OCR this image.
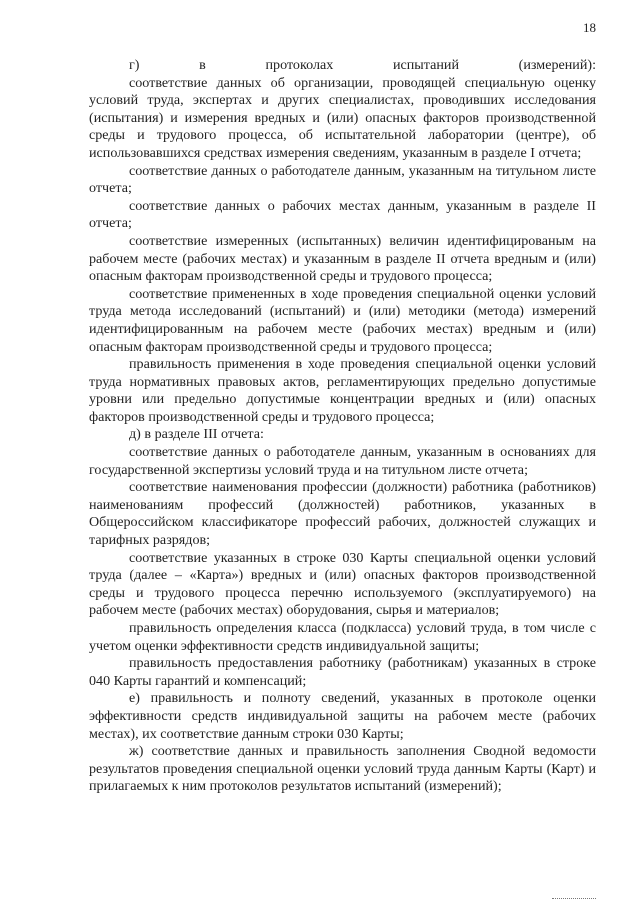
18

г) в протоколах испытаний (измерений):

соответствие данных об организации, проводящей специальную оценку условий труда, экспертах и других специалистах, проводивших исследования (испытания) и измерения вредных и (или) опасных факторов производственной среды и трудового процесса, об испытательной лаборатории (центре), об использовавшихся средствах измерения сведениям, указанным в разделе I отчета;

соответствие данных о работодателе данным, указанным на титульном листе отчета;

соответствие данных о рабочих местах данным, указанным в разделе II отчета;

соответствие измеренных (испытанных) величин идентифицированым на рабочем месте (рабочих местах) и указанным в разделе II отчета вредным и (или) опасным факторам производственной среды и трудового процесса;

соответствие примененных в ходе проведения специальной оценки условий труда метода исследований (испытаний) и (или) методики (метода) измерений идентифицированным на рабочем месте (рабочих местах) вредным и (или) опасным факторам производственной среды и трудового процесса;

правильность применения в ходе проведения специальной оценки условий труда нормативных правовых актов, регламентирующих предельно допустимые уровни или предельно допустимые концентрации вредных и (или) опасных факторов производственной среды и трудового процесса;

д) в разделе III отчета:

соответствие данных о работодателе данным, указанным в основаниях для государственной экспертизы условий труда и на титульном листе отчета;

соответствие наименования профессии (должности) работника (работников) наименованиям профессий (должностей) работников, указанных в Общероссийском классификаторе профессий рабочих, должностей служащих и тарифных разрядов;

соответствие указанных в строке 030 Карты специальной оценки условий труда (далее – «Карта») вредных и (или) опасных факторов производственной среды и трудового процесса перечню используемого (эксплуатируемого) на рабочем месте (рабочих местах) оборудования, сырья и материалов;

правильность определения класса (подкласса) условий труда, в том числе с учетом оценки эффективности средств индивидуальной защиты;

правильность предоставления работнику (работникам) указанных в строке 040 Карты гарантий и компенсаций;

е) правильность и полноту сведений, указанных в протоколе оценки эффективности средств индивидуальной защиты на рабочем месте (рабочих местах), их соответствие данным строки 030 Карты;

ж) соответствие данных и правильность заполнения Сводной ведомости результатов проведения специальной оценки условий труда данным Карты (Карт) и прилагаемых к ним протоколов результатов испытаний (измерений);
